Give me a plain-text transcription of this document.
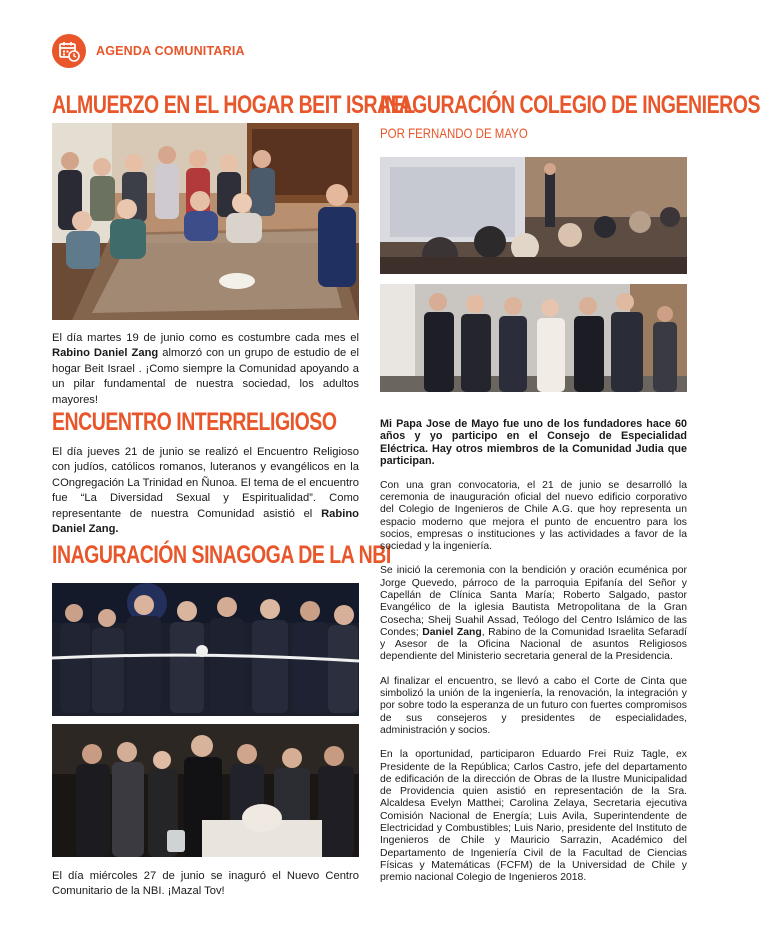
AGENDA COMUNITARIA
ALMUERZO EN EL HOGAR BEIT ISRAEL
El día martes 19 de junio como es costumbre cada mes el Rabino Daniel Zang almorzó con un grupo de estudio de el hogar Beit Israel . ¡Como siempre la Comunidad apoyando a un pilar fundamental de nuestra sociedad, los adultos mayores!
ENCUENTRO INTERRELIGIOSO
El día jueves 21 de junio se realizó el Encuentro Religioso con judíos, católicos romanos, luteranos y evangélicos en la COngregación La Trinidad en Ñunoa. El tema de el encuentro fue “La Diversidad Sexual y Espiritualidad”. Como representante de nuestra Comunidad asistió el Rabino Daniel Zang.
INAGURACIÓN SINAGOGA DE LA NBI
El día miércoles 27 de junio se inaguró el Nuevo Centro Comunitario de la NBI. ¡Mazal Tov!
INAGURACIÓN COLEGIO DE INGENIEROS
POR FERNANDO DE MAYO

Mi Papa Jose de Mayo fue uno de los fundadores hace 60 años y yo participo en el Consejo de Especialidad Eléctrica. Hay otros miembros de la Comunidad Judia que participan.

Con una gran convocatoria, el 21 de junio se desarrolló la ceremonia de inauguración oficial del nuevo edificio corporativo del Colegio de Ingenieros de Chile A.G. que hoy representa un espacio moderno que mejora el punto de encuentro para los socios, empresas o instituciones y las actividades a favor de la sociedad y la ingeniería.

Se inició la ceremonia con la bendición y oración ecuménica por Jorge Quevedo, párroco de la parroquia Epifanía del Señor y Capellán de Clínica Santa María; Roberto Salgado, pastor Evangélico de la iglesia Bautista Metropolitana de la Gran Cosecha; Sheij Suahil Assad, Teólogo del Centro Islámico de las Condes; Daniel Zang, Rabino de la Comunidad Israelita Sefaradí y Asesor de la Oficina Nacional de asuntos Religiosos dependiente del Ministerio secretaria general de la Presidencia.

Al finalizar el encuentro, se llevó a cabo el Corte de Cinta que simbolizó la unión de la ingeniería, la renovación, la integración y por sobre todo la esperanza de un futuro con fuertes compromisos de sus consejeros y presidentes de especialidades, administración y socios.

En la oportunidad, participaron Eduardo Frei Ruiz Tagle, ex Presidente de la República; Carlos Castro, jefe del departamento de edificación de la dirección de Obras de la Ilustre Municipalidad de Providencia quien asistió en representación de la Sra. Alcaldesa Evelyn Matthei; Carolina Zelaya, Secretaria ejecutiva Comisión Nacional de Energía; Luis Avila, Superintendente de Electricidad y Combustibles; Luis Nario, presidente del Instituto de Ingenieros de Chile y Mauricio Sarrazin, Académico del Departamento de Ingeniería Civil de la Facultad de Ciencias Físicas y Matemáticas (FCFM) de la Universidad de Chile y premio nacional Colegio de Ingenieros 2018.
